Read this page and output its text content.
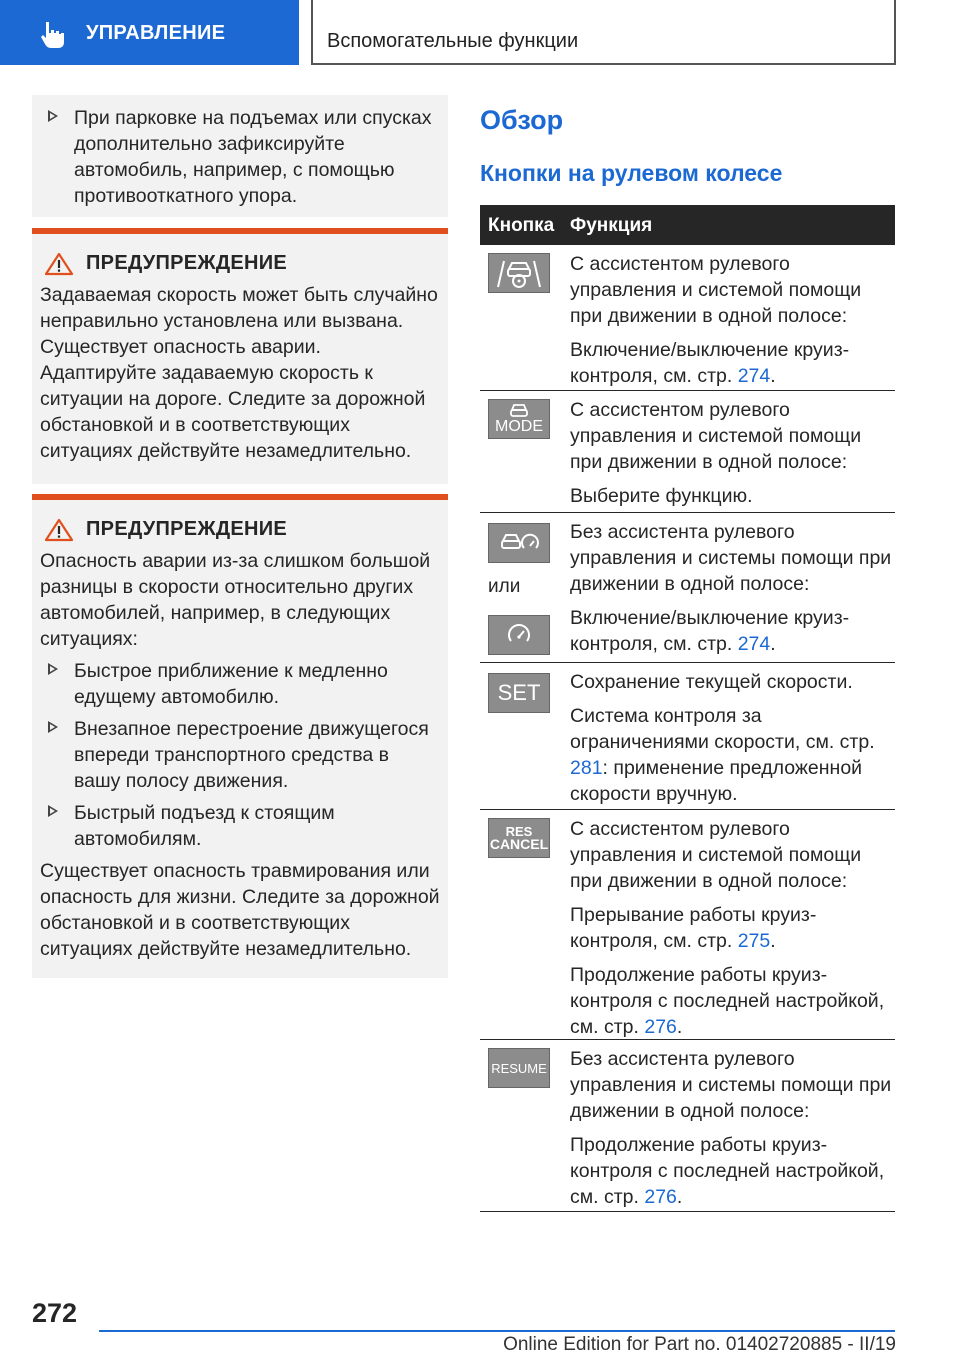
УПРАВЛЕНИЕ	Вспомогательные функции
При парковке на подъемах или спусках дополнительно зафиксируйте автомобиль, например, с помощью противооткатного упора.
ПРЕДУПРЕЖДЕНИЕ

Задаваемая скорость может быть случайно неправильно установлена или вызвана. Существует опасность аварии. Адаптируйте задаваемую скорость к ситуации на дороге. Следите за дорожной обстановкой и в соответствующих ситуациях действуйте незамедлительно.

ПРЕДУПРЕЖДЕНИЕ

Опасность аварии из-за слишком большой разницы в скорости относительно других автомобилей, например, в следующих ситуациях:

Быстрое приближение к медленно едущему автомобилю.
Внезапное перестроение движущегося впереди транспортного средства в вашу полосу движения.
Быстрый подъезд к стоящим автомобилям.

Существует опасность травмирования или опасность для жизни. Следите за дорожной обстановкой и в соответствующих ситуациях действуйте незамедлительно.

Обзор
Кнопки на рулевом колесе
Кнопка Функция

С ассистентом рулевого управления и системой помощи при движении в одной полосе:

Включение/выключение круиз-контроля, см. стр. 274.

MODE

С ассистентом рулевого управления и системой помощи при движении в одной полосе:

Выберите функцию.

или

Без ассистента рулевого управления и системы помощи при движении в одной полосе:

Включение/выключение круиз-контроля, см. стр. 274.

SET Сохранение текущей скорости.

Система контроля за ограничениями скорости, см. стр. 281: применение предложенной скорости вручную.

RES
CANCEL

С ассистентом рулевого управления и системой помощи при движении в одной полосе:

Прерывание работы круиз-контроля, см. стр. 275.

Продолжение работы круиз-контроля с последней настройкой, см. стр. 276.

RESUME Без ассистента рулевого управления и системы помощи при движении в одной полосе:

Продолжение работы круиз-контроля с последней настройкой, см. стр. 276.

272
Online Edition for Part no. 01402720885 - II/19
